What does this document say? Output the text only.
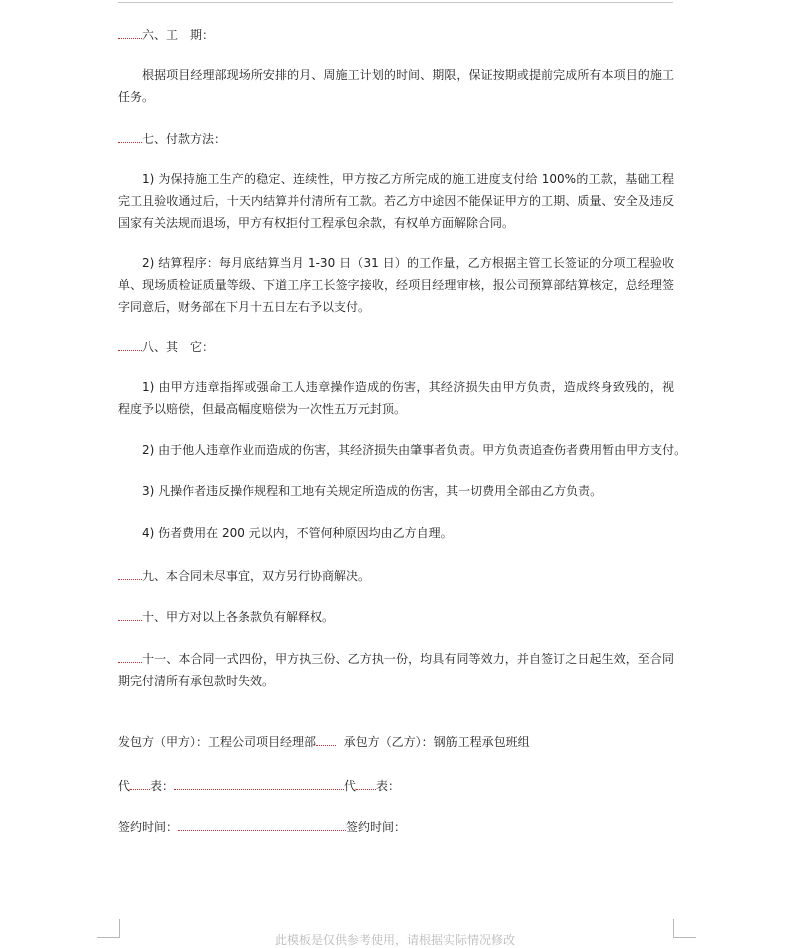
六、工　期：
根据项目经理部现场所安排的月、周施工计划的时间、期限，保证按期或提前完成所有本项目的施工任务。
七、付款方法：
1) 为保持施工生产的稳定、连续性，甲方按乙方所完成的施工进度支付给 100%的工款，基础工程完工且验收通过后，十天内结算并付清所有工款。若乙方中途因不能保证甲方的工期、质量、安全及违反国家有关法规而退场，甲方有权拒付工程承包余款，有权单方面解除合同。
2) 结算程序：每月底结算当月 1-30 日（31 日）的工作量，乙方根据主管工长签证的分项工程验收单、现场质检证质量等级、下道工序工长签字接收，经项目经理审核，报公司预算部结算核定，总经理签字同意后，财务部在下月十五日左右予以支付。
八、其　它：
1) 由甲方违章指挥或强命工人违章操作造成的伤害，其经济损失由甲方负责，造成终身致残的，视程度予以赔偿，但最高幅度赔偿为一次性五万元封顶。
2) 由于他人违章作业而造成的伤害，其经济损失由肇事者负责。甲方负责追查伤者费用暂由甲方支付。
3) 凡操作者违反操作规程和工地有关规定所造成的伤害，其一切费用全部由乙方负责。
4) 伤者费用在 200 元以内，不管何种原因均由乙方自理。
九、本合同未尽事宜，双方另行协商解决。
十、甲方对以上各条款负有解释权。
十一、本合同一式四份，甲方执三份、乙方执一份，均具有同等效力，并自签订之日起生效，至合同期完付清所有承包款时失效。
发包方（甲方）：工程公司项目经理部 承包方（乙方）：钢筋工程承包班组
代 表：	代 表：
签约时间：	签约时间：
此模板是仅供参考使用，请根据实际情况修改
